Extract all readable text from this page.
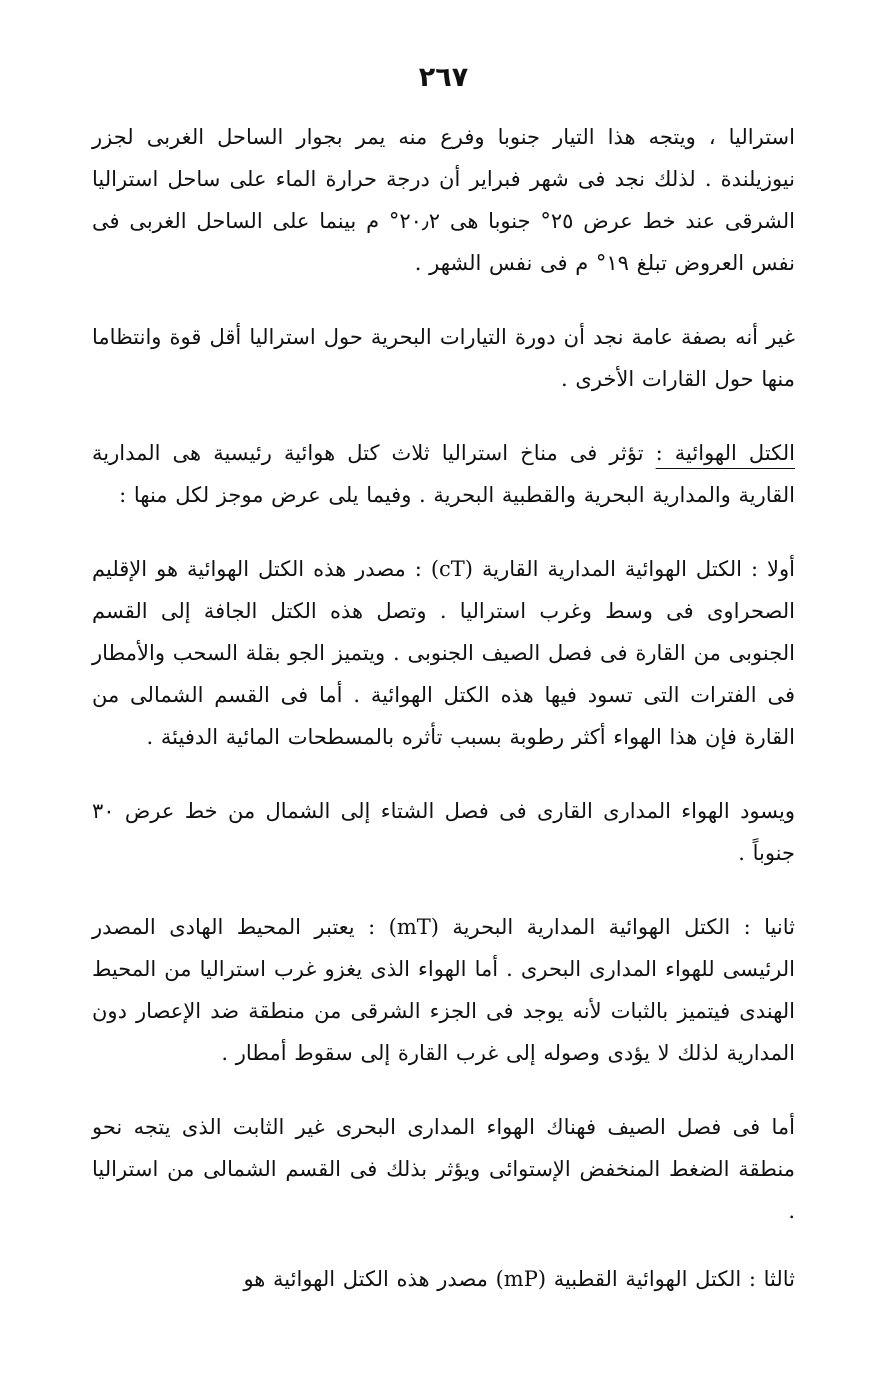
٢٦٧

استراليا ، ويتجه هذا التيار جنوبا وفرع منه يمر بجوار الساحل الغربى لجزر نيوزيلندة . لذلك نجد فى شهر فبراير أن درجة حرارة الماء على ساحل استراليا الشرقى عند خط عرض ٢٥° جنوبا هى ٢٠٫٢° م بينما على الساحل الغربى فى نفس العروض تبلغ ١٩° م فى نفس الشهر .

غير أنه بصفة عامة نجد أن دورة التيارات البحرية حول استراليا أقل قوة وانتظاما منها حول القارات الأخرى .

الكتل الهوائية : تؤثر فى مناخ استراليا ثلاث كتل هوائية رئيسية هى المدارية القارية والمدارية البحرية والقطبية البحرية . وفيما يلى عرض موجز لكل منها :

أولا : الكتل الهوائية المدارية القارية (cT) : مصدر هذه الكتل الهوائية هو الإقليم الصحراوى فى وسط وغرب استراليا . وتصل هذه الكتل الجافة إلى القسم الجنوبى من القارة فى فصل الصيف الجنوبى . ويتميز الجو بقلة السحب والأمطار فى الفترات التى تسود فيها هذه الكتل الهوائية . أما فى القسم الشمالى من القارة فإن هذا الهواء أكثر رطوبة بسبب تأثره بالمسطحات المائية الدفيئة .

ويسود الهواء المدارى القارى فى فصل الشتاء إلى الشمال من خط عرض ٣٠ جنوباً .

ثانيا : الكتل الهوائية المدارية البحرية (mT) : يعتبر المحيط الهادى المصدر الرئيسى للهواء المدارى البحرى . أما الهواء الذى يغزو غرب استراليا من المحيط الهندى فيتميز بالثبات لأنه يوجد فى الجزء الشرقى من منطقة ضد الإعصار دون المدارية لذلك لا يؤدى وصوله إلى غرب القارة إلى سقوط أمطار .

أما فى فصل الصيف فهناك الهواء المدارى البحرى غير الثابت الذى يتجه نحو منطقة الضغط المنخفض الإستوائى ويؤثر بذلك فى القسم الشمالى من استراليا .

ثالثا : الكتل الهوائية القطبية (mP) مصدر هذه الكتل الهوائية هو
